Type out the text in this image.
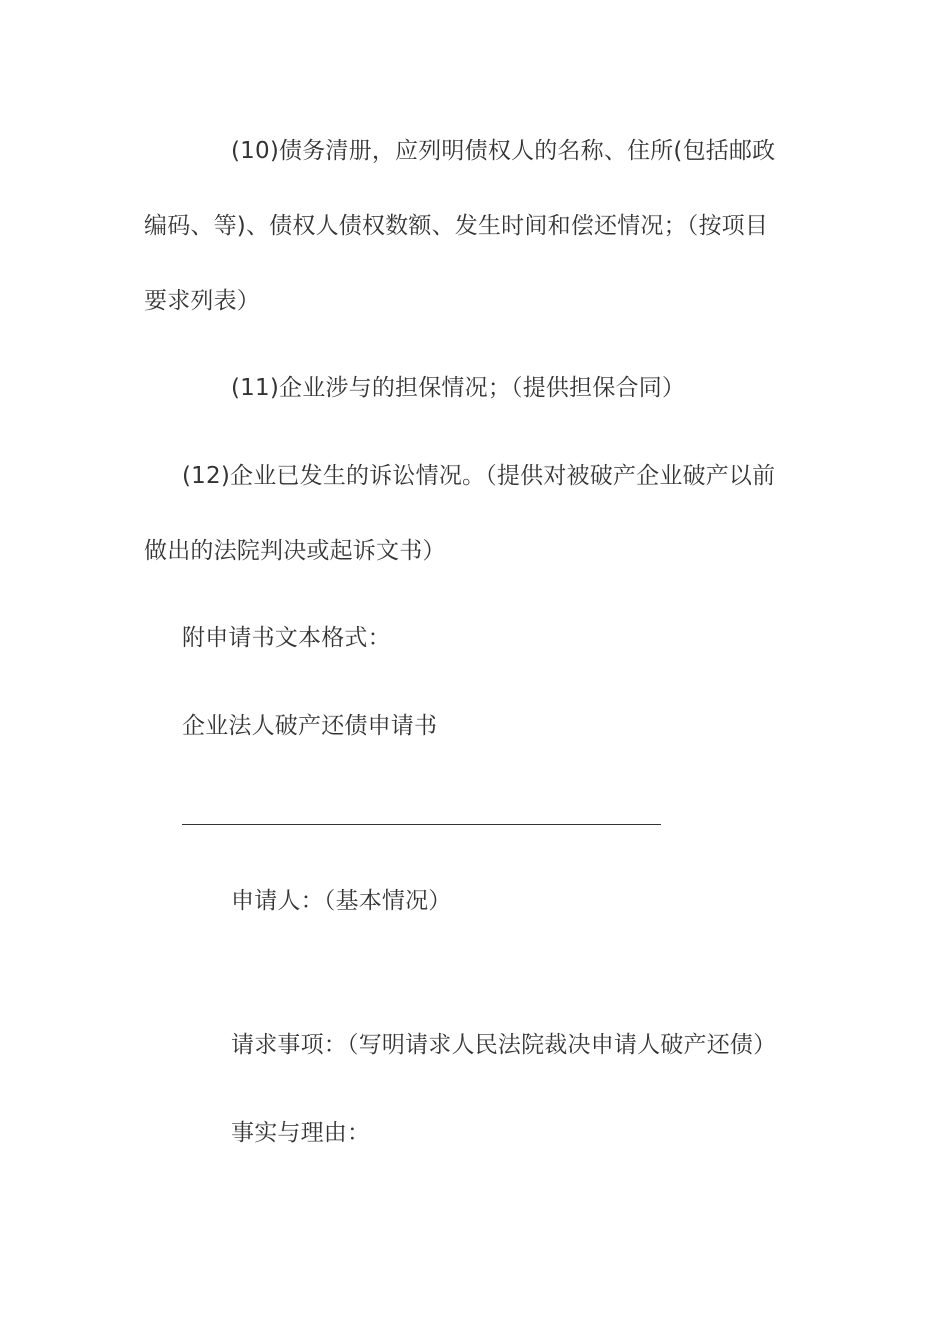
(10)债务清册，应列明债权人的名称、住所(包括邮政
编码、等)、债权人债权数额、发生时间和偿还情况；（按项目
要求列表）
(11)企业涉与的担保情况；（提供担保合同）
(12)企业已发生的诉讼情况。（提供对被破产企业破产以前
做出的法院判决或起诉文书）
附申请书文本格式：
企业法人破产还债申请书
申请人：（基本情况）
请求事项：（写明请求人民法院裁决申请人破产还债）
事实与理由：
